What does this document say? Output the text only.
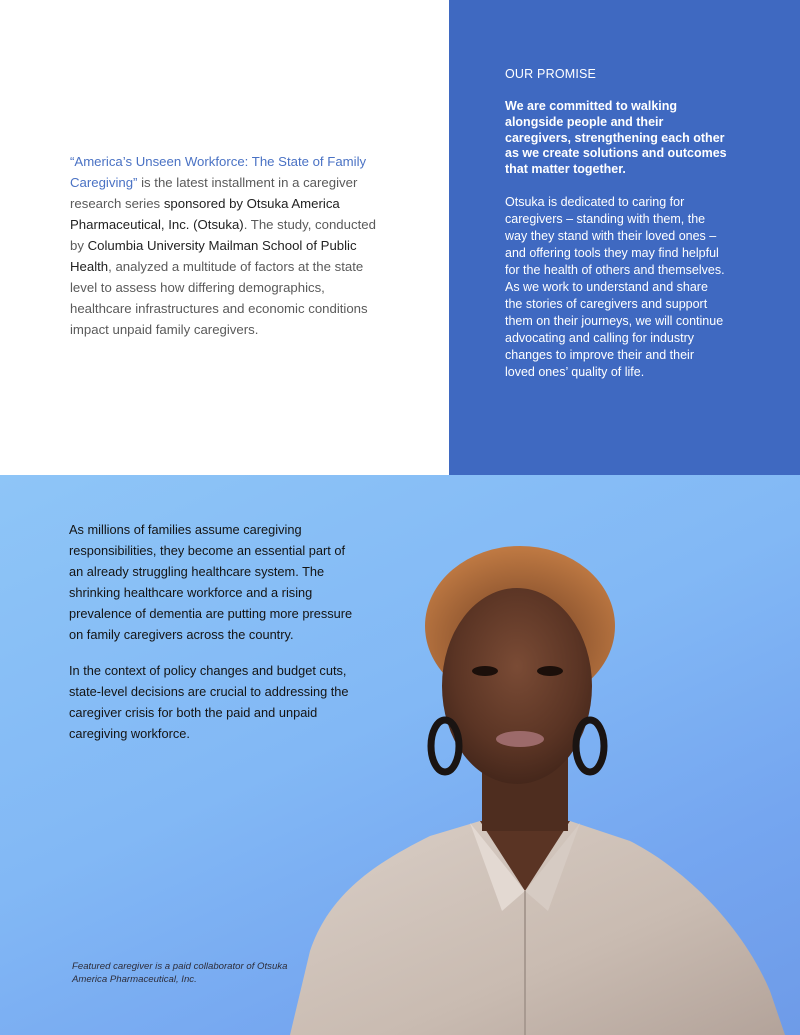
“America’s Unseen Workforce: The State of Family Caregiving” is the latest installment in a caregiver research series sponsored by Otsuka America Pharmaceutical, Inc. (Otsuka). The study, conducted by Columbia University Mailman School of Public Health, analyzed a multitude of factors at the state level to assess how differing demographics, healthcare infrastructures and economic conditions impact unpaid family caregivers.

OUR PROMISE

We are committed to walking alongside people and their caregivers, strengthening each other as we create solutions and outcomes that matter together.

Otsuka is dedicated to caring for caregivers – standing with them, the way they stand with their loved ones – and offering tools they may find helpful for the health of others and themselves. As we work to understand and share the stories of caregivers and support them on their journeys, we will continue advocating and calling for industry changes to improve their and their loved ones’ quality of life.

As millions of families assume caregiving responsibilities, they become an essential part of an already struggling healthcare system. The shrinking healthcare workforce and a rising prevalence of dementia are putting more pressure on family caregivers across the country.

In the context of policy changes and budget cuts, state-level decisions are crucial to addressing the caregiver crisis for both the paid and unpaid caregiving workforce.

Featured caregiver is a paid collaborator of Otsuka America Pharmaceutical, Inc.
